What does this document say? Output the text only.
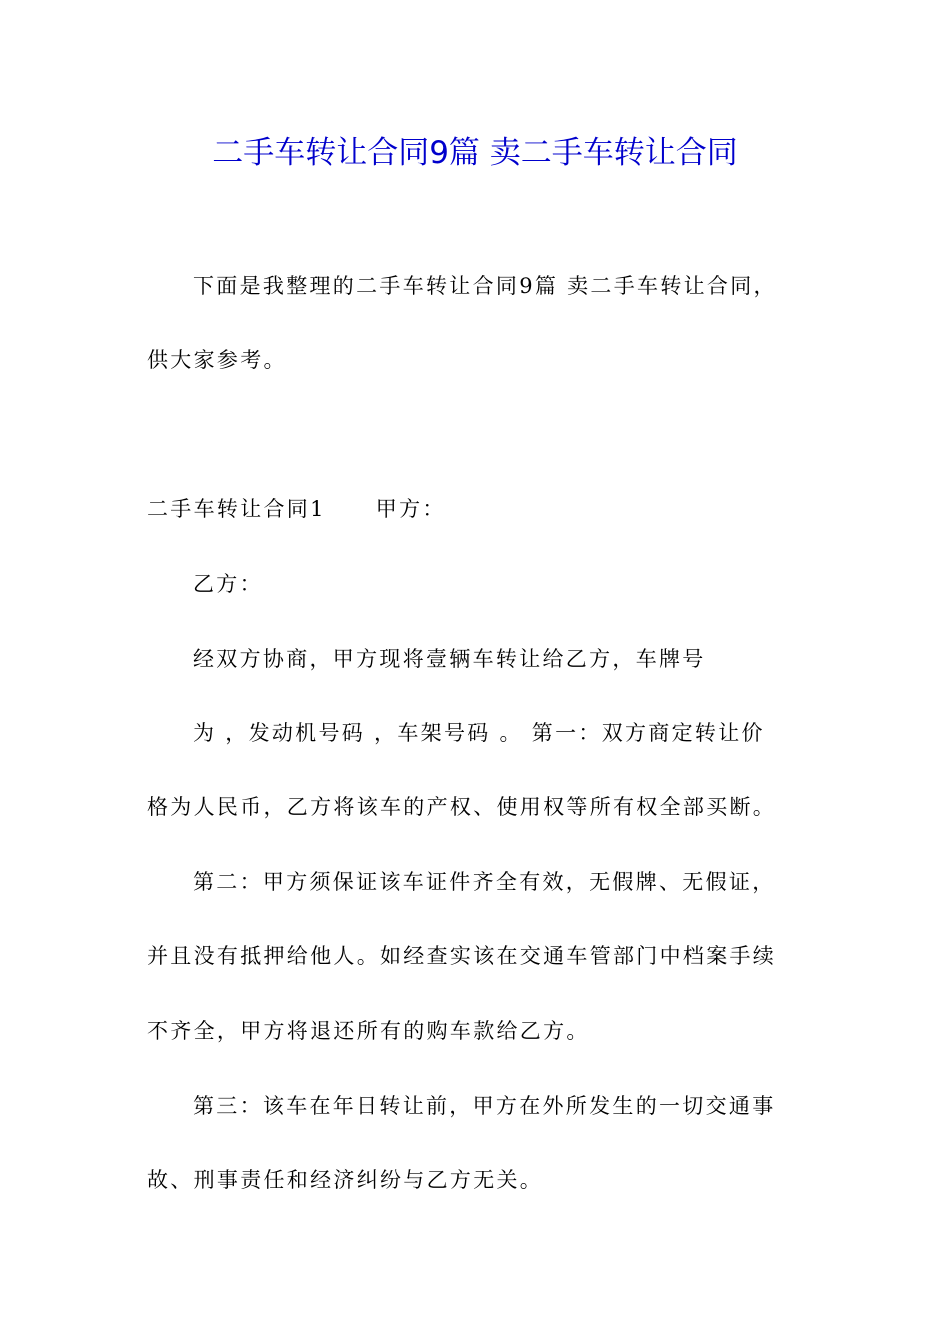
二手车转让合同9篇 卖二手车转让合同

下面是我整理的二手车转让合同9篇 卖二手车转让合同，

供大家参考。

二手车转让合同1 甲方：

乙方：

经双方协商，甲方现将壹辆车转让给乙方，车牌号

为 ，发动机号码 ，车架号码 。 第一：双方商定转让价

格为人民币，乙方将该车的产权、使用权等所有权全部买断。

第二：甲方须保证该车证件齐全有效，无假牌、无假证，

并且没有抵押给他人。如经查实该在交通车管部门中档案手续

不齐全，甲方将退还所有的购车款给乙方。

第三：该车在年日转让前，甲方在外所发生的一切交通事

故、刑事责任和经济纠纷与乙方无关。
